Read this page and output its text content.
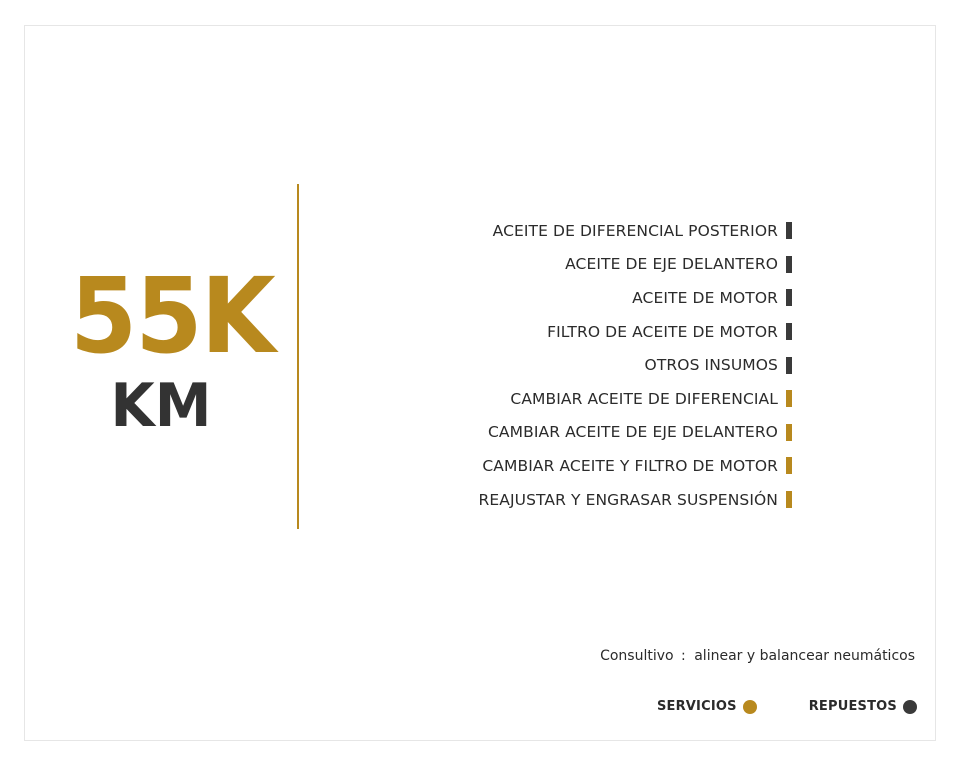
55K
KM
ACEITE DE DIFERENCIAL POSTERIOR
ACEITE DE EJE DELANTERO
ACEITE DE MOTOR
FILTRO DE ACEITE DE MOTOR
OTROS INSUMOS
CAMBIAR ACEITE DE DIFERENCIAL
CAMBIAR ACEITE DE EJE DELANTERO
CAMBIAR ACEITE Y FILTRO DE MOTOR
REAJUSTAR Y ENGRASAR SUSPENSIÓN
Consultivo : alinear y balancear neumáticos
SERVICIOS	REPUESTOS
